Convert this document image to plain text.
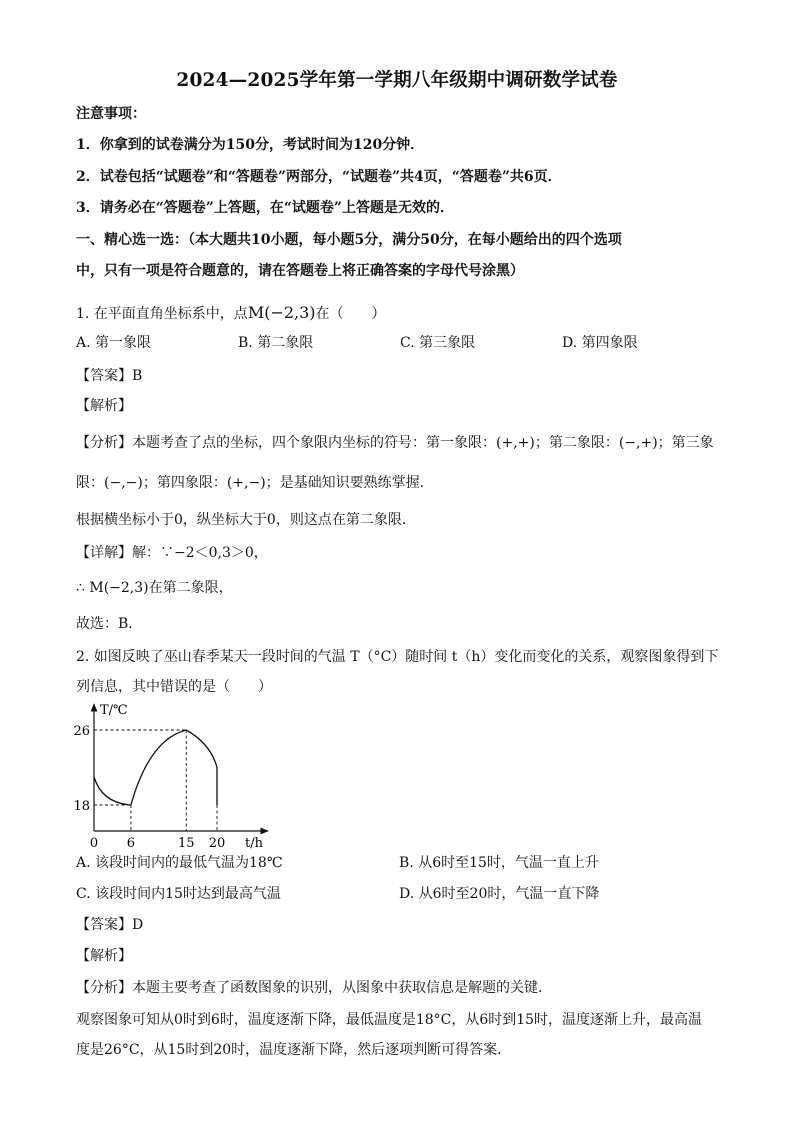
2024—2025学年第一学期八年级期中调研数学试卷
注意事项：
1．你拿到的试卷满分为150分，考试时间为120分钟．
2．试卷包括“试题卷”和“答题卷”两部分，“试题卷”共4页，“答题卷”共6页．
3．请务必在“答题卷”上答题，在“试题卷”上答题是无效的．
一、精心选一选：（本大题共10小题，每小题5分，满分50分，在每小题给出的四个选项
中，只有一项是符合题意的，请在答题卷上将正确答案的字母代号涂黑）
1. 在平面直角坐标系中，点M(−2,3)在（　　）
A. 第一象限	B. 第二象限	C. 第三象限	D. 第四象限
【答案】B
【解析】
【分析】本题考查了点的坐标，四个象限内坐标的符号：第一象限：(+,+)；第二象限：(−,+)；第三象
限：(−,−)；第四象限：(+,−)；是基础知识要熟练掌握．
根据横坐标小于0，纵坐标大于0，则这点在第二象限．
【详解】解：∵−2＜0,3＞0，
∴ M(−2,3)在第二象限，
故选：B．
2. 如图反映了巫山春季某天一段时间的气温 T（°C）随时间 t（h）变化而变化的关系，观察图象得到下
列信息，其中错误的是（　　）
0 6	15 20
26
18
T/℃
t/h
A. 该段时间内的最低气温为18℃	B. 从6时至15时，气温一直上升
C. 该段时间内15时达到最高气温	D. 从6时至20时，气温一直下降
【答案】D
【解析】
【分析】本题主要考查了函数图象的识别，从图象中获取信息是解题的关键．
观察图象可知从0时到6时，温度逐渐下降，最低温度是18°C，从6时到15时，温度逐渐上升，最高温
度是26°C，从15时到20时，温度逐渐下降，然后逐项判断可得答案．
